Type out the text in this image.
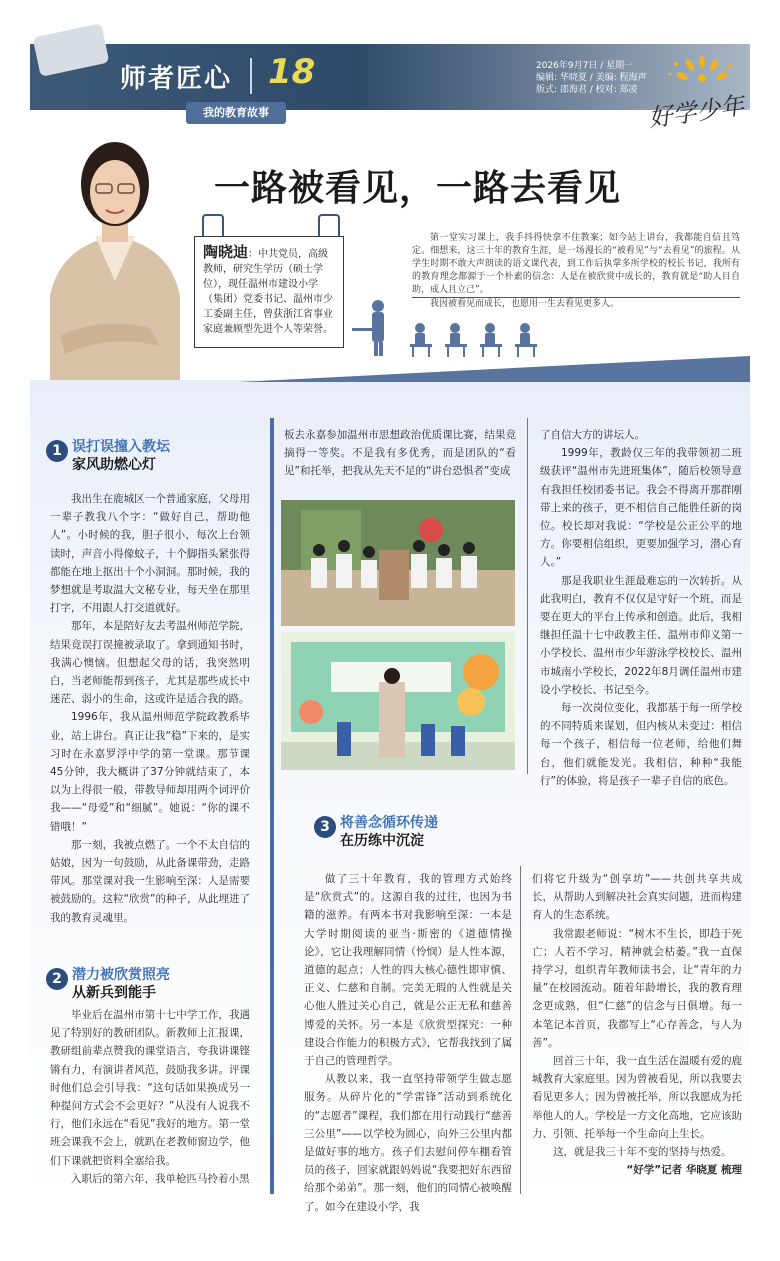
师者匠心 18	2026年9月7日 / 星期一
编辑: 华晓夏 / 美编: 程海声
版式: 邵海君 / 校对: 郑凌
我的教育故事	好学少年
一路被看见，一路去看见
陶晓迪：中共党员，高级教师，研究生学历（硕士学位），现任温州市建设小学（集团）党委书记、温州市少工委副主任，曾获浙江省事业家庭兼顾型先进个人等荣誉。

第一堂实习课上，我手抖得快拿不住教案；如今站上讲台，我都能自信且笃定。细想来，这三十年的教育生涯，是一场漫长的“被看见”与“去看见”的旅程。从学生时期不敢大声朗读的语文课代表，到工作后执掌多所学校的校长书记，我所有的教育理念都源于一个朴素的信念：人是在被欣赏中成长的，教育就是“助人目自助，成人且立己”。

我因被看见而成长，也愿用一生去看见更多人。

1 误打误撞入教坛
家风助燃心灯

我出生在鹿城区一个普通家庭，父母用一辈子教我八个字：“做好自己，帮助他人”。小时候的我，胆子很小，每次上台领读时，声音小得像蚊子，十个脚指头紧张得都能在地上抠出十个小洞洞。那时候，我的梦想就是考取温大文秘专业，每天坐在那里打字，不用跟人打交道就好。

那年，本是陪好友去考温州师范学院，结果竟误打误撞被录取了。拿到通知书时，我满心懊恼。但想起父母的话，我突然明白，当老师能帮到孩子，尤其是那些成长中迷茫、弱小的生命，这或许是适合我的路。

1996年，我从温州师范学院政教系毕业，站上讲台。真正让我“稳”下来的，是实习时在永嘉罗浮中学的第一堂课。那节课45分钟，我大概讲了37分钟就结束了，本以为上得很一般，带教导师却用两个词评价我——“母爱”和“细腻”。她说：“你的课不错哦！”

那一刻，我被点燃了。一个不太自信的姑娘，因为一句鼓励，从此备课带劲，走路带风。那堂课对我一生影响至深：人是需要被鼓励的。这粒“欣赏”的种子，从此埋进了我的教育灵魂里。

2 潜力被欣赏照亮
从新兵到能手

毕业后在温州市第十七中学工作，我遇见了特别好的教研团队。新教师上汇报课，教研组前辈点赞我的课堂语言，夸我讲课铿锵有力，有演讲者风范，鼓励我多讲。评课时他们总会引导我：“这句话如果换成另一种提问方式会不会更好？”从没有人说我不行，他们永远在“看见”我好的地方。第一堂班会课我不会上，就趴在老教师窗边学，他们下课就把资料全塞给我。

入职后的第六年，我单枪匹马拎着小黑

板去永嘉参加温州市思想政治优质课比赛，结果竟摘得一等奖。不是我有多优秀，而是团队的“看见”和托举，把我从先天不足的“讲台恐惧者”变成

了自信大方的讲坛人。

1999年，教龄仅三年的我带领初二班级获评“温州市先进班集体”，随后校领导意有我担任校团委书记。我会不得离开那群刚带上来的孩子，更不相信自己能胜任新的岗位。校长却对我说：“学校是公正公平的地方。你要相信组织，更要加强学习，潜心育人。”

那是我职业生涯最难忘的一次转折。从此我明白，教育不仅仅是守好一个班，而是要在更大的平台上传承和创造。此后，我相继担任温十七中政教主任、温州市仰义第一小学校长、温州市少年游泳学校校长、温州市城南小学校长，2022年8月调任温州市建设小学校长、书记至今。

每一次岗位变化，我都基于每一所学校的不同特质来谋划，但内核从未变过：相信每一个孩子，相信每一位老师，给他们舞台，他们就能发光。我相信，种种“我能行”的体验，将是孩子一辈子自信的底色。

3 将善念循环传递
在历练中沉淀

做了三十年教育，我的管理方式始终是“欣赏式”的。这源自我的过往，也因为书籍的滋养。有两本书对我影响至深：一本是大学时期阅读的亚当·斯密的《道德情操论》，它让我理解同情（怜悯）是人性本源，道德的起点；人性的四大核心德性即审慎、正义、仁慈和自制。完美无瑕的人性就是关心他人胜过关心自己，就是公正无私和慈善博爱的关怀。另一本是《欣赏型探究：一种建设合作能力的积极方式》，它帮我找到了属于自己的管理哲学。

从教以来，我一直坚持带领学生做志愿服务。从碎片化的“学雷锋”活动到系统化的“志愿者”课程，我们都在用行动践行“慈善三公里”——以学校为圆心，向外三公里内都是做好事的地方。孩子们去慰问停车棚看管员的孩子，回家就跟妈妈说“我要把好东西留给那个弟弟”。那一刻，他们的同情心被唤醒了。如今在建设小学，我

们将它升级为“创享坊”——共创共享共成长，从帮助人到解决社会真实问题，进而构建育人的生态系统。

我常跟老师说：“树木不生长，即趋于死亡；人若不学习，精神就会枯萎。”我一直保持学习，组织青年教师读书会，让“青年的力量”在校园流动。随着年龄增长，我的教育理念更成熟，但“仁慈”的信念与日俱增。每一本笔记本首页，我都写上“心存善念，与人为善”。

回首三十年，我一直生活在温暖有爱的鹿城教育大家庭里。因为曾被看见，所以我要去看见更多人；因为曾被托举，所以我愿成为托举他人的人。学校是一方文化高地，它应该助力、引领、托举每一个生命向上生长。

这，就是我三十年不变的坚持与热爱。

“好学”记者 华晓夏 梳理
